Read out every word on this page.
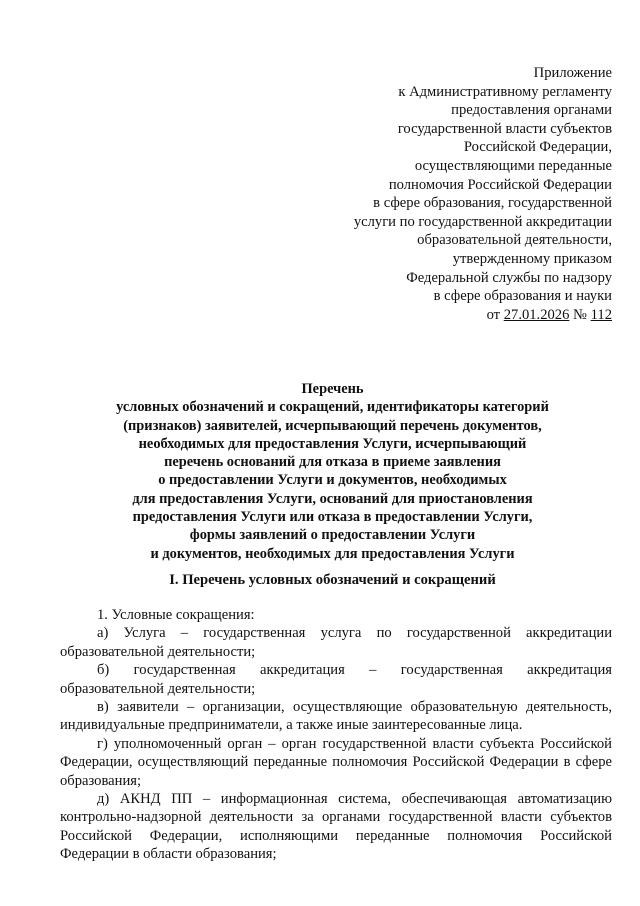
Приложение
к Административному регламенту
предоставления органами
государственной власти субъектов
Российской Федерации,
осуществляющими переданные
полномочия Российской Федерации
в сфере образования, государственной
услуги по государственной аккредитации
образовательной деятельности,
утвержденному приказом
Федеральной службы по надзору
в сфере образования и науки
от 27.01.2026 № 112
Перечень
условных обозначений и сокращений, идентификаторы категорий
(признаков) заявителей, исчерпывающий перечень документов,
необходимых для предоставления Услуги, исчерпывающий
перечень оснований для отказа в приеме заявления
о предоставлении Услуги и документов, необходимых
для предоставления Услуги, оснований для приостановления
предоставления Услуги или отказа в предоставлении Услуги,
формы заявлений о предоставлении Услуги
и документов, необходимых для предоставления Услуги
I. Перечень условных обозначений и сокращений

1. Условные сокращения:

а) Услуга – государственная услуга по государственной аккредитации образовательной деятельности;

б) государственная аккредитация – государственная аккредитация образовательной деятельности;

в) заявители – организации, осуществляющие образовательную деятельность, индивидуальные предприниматели, а также иные заинтересованные лица.

г) уполномоченный орган – орган государственной власти субъекта Российской Федерации, осуществляющий переданные полномочия Российской Федерации в сфере образования;

д) АКНД ПП – информационная система, обеспечивающая автоматизацию контрольно-надзорной деятельности за органами государственной власти субъектов Российской Федерации, исполняющими переданные полномочия Российской Федерации в области образования;
